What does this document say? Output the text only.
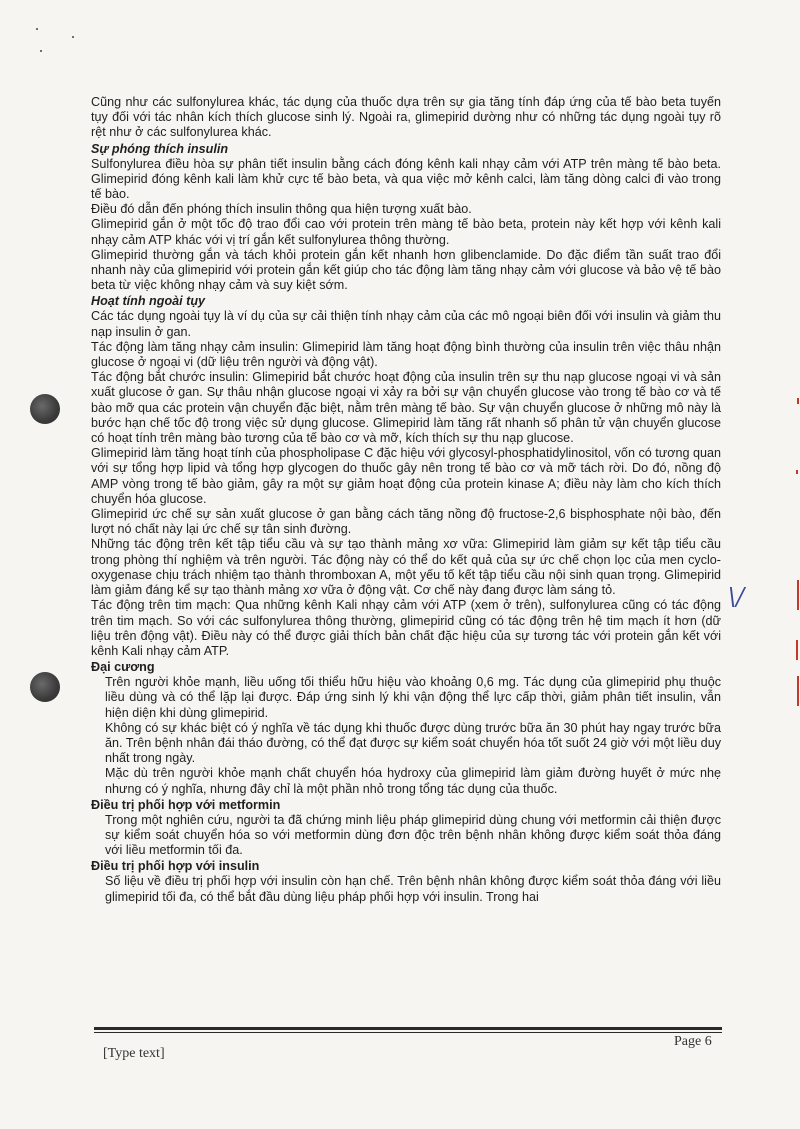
\/

Cũng như các sulfonylurea khác, tác dụng của thuốc dựa trên sự gia tăng tính đáp ứng của tế bào beta tuyến tụy đối với tác nhân kích thích glucose sinh lý. Ngoài ra, glimepirid dường như có những tác dụng ngoài tụy rõ rệt như ở các sulfonylurea khác.

Sự phóng thích insulin

Sulfonylurea điều hòa sự phân tiết insulin bằng cách đóng kênh kali nhạy cảm với ATP trên màng tế bào beta. Glimepirid đóng kênh kali làm khử cực tế bào beta, và qua việc mở kênh calci, làm tăng dòng calci đi vào trong tế bào.

Điều đó dẫn đến phóng thích insulin thông qua hiện tượng xuất bào.

Glimepirid gắn ở một tốc độ trao đổi cao với protein trên màng tế bào beta, protein này kết hợp với kênh kali nhạy cảm ATP khác với vị trí gắn kết sulfonylurea thông thường.

Glimepirid thường gắn và tách khỏi protein gắn kết nhanh hơn glibenclamide. Do đặc điểm tần suất trao đổi nhanh này của glimepirid với protein gắn kết giúp cho tác động làm tăng nhạy cảm với glucose và bảo vệ tế bào beta từ việc không nhạy cảm và suy kiệt sớm.

Hoạt tính ngoài tụy

Các tác dụng ngoài tụy là ví dụ của sự cải thiện tính nhạy cảm của các mô ngoại biên đối với insulin và giảm thu nạp insulin ở gan.

Tác động làm tăng nhạy cảm insulin: Glimepirid làm tăng hoạt động bình thường của insulin trên việc thâu nhận glucose ở ngoại vi (dữ liệu trên người và động vật).

Tác động bắt chước insulin: Glimepirid bắt chước hoạt động của insulin trên sự thu nạp glucose ngoại vi và sản xuất glucose ở gan. Sự thâu nhận glucose ngoại vi xảy ra bởi sự vận chuyển glucose vào trong tế bào cơ và tế bào mỡ qua các protein vận chuyển đặc biệt, nằm trên màng tế bào. Sự vận chuyển glucose ở những mô này là bước hạn chế tốc độ trong việc sử dụng glucose. Glimepirid làm tăng rất nhanh số phân tử vận chuyển glucose có hoạt tính trên màng bào tương của tế bào cơ và mỡ, kích thích sự thu nạp glucose.

Glimepirid làm tăng hoạt tính của phospholipase C đặc hiệu với glycosyl-phosphatidylinositol, vốn có tương quan với sự tổng hợp lipid và tổng hợp glycogen do thuốc gây nên trong tế bào cơ và mỡ tách rời. Do đó, nồng độ AMP vòng trong tế bào giảm, gây ra một sự giảm hoạt động của protein kinase A; điều này làm cho kích thích chuyển hóa glucose.

Glimepirid ức chế sự sản xuất glucose ở gan bằng cách tăng nồng độ fructose-2,6 bisphosphate nội bào, đến lượt nó chất này lại ức chế sự tân sinh đường.

Những tác động trên kết tập tiểu cầu và sự tạo thành mảng xơ vữa: Glimepirid làm giảm sự kết tập tiểu cầu trong phòng thí nghiệm và trên người. Tác động này có thể do kết quả của sự ức chế chọn lọc của men cyclo-oxygenase chịu trách nhiệm tạo thành thromboxan A, một yếu tố kết tập tiểu cầu nội sinh quan trọng. Glimepirid làm giảm đáng kể sự tạo thành mảng xơ vữa ở động vật. Cơ chế này đang được làm sáng tỏ.

Tác động trên tim mạch: Qua những kênh Kali nhạy cảm với ATP (xem ở trên), sulfonylurea cũng có tác động trên tim mạch. So với các sulfonylurea thông thường, glimepirid cũng có tác động trên hệ tim mạch ít hơn (dữ liệu trên động vật). Điều này có thể được giải thích bản chất đặc hiệu của sự tương tác với protein gắn kết với kênh Kali nhạy cảm ATP.

Đại cương

Trên người khỏe mạnh, liều uống tối thiểu hữu hiệu vào khoảng 0,6 mg. Tác dụng của glimepirid phụ thuộc liều dùng và có thể lặp lại được. Đáp ứng sinh lý khi vận động thể lực cấp thời, giảm phân tiết insulin, vẫn hiện diện khi dùng glimepirid.

Không có sự khác biệt có ý nghĩa về tác dụng khi thuốc được dùng trước bữa ăn 30 phút hay ngay trước bữa ăn. Trên bệnh nhân đái tháo đường, có thể đạt được sự kiểm soát chuyển hóa tốt suốt 24 giờ với một liều duy nhất trong ngày.

Mặc dù trên người khỏe mạnh chất chuyển hóa hydroxy của glimepirid làm giảm đường huyết ở mức nhẹ nhưng có ý nghĩa, nhưng đây chỉ là một phần nhỏ trong tổng tác dụng của thuốc.

Điều trị phối hợp với metformin

Trong một nghiên cứu, người ta đã chứng minh liệu pháp glimepirid dùng chung với metformin cải thiện được sự kiểm soát chuyển hóa so với metformin dùng đơn độc trên bệnh nhân không được kiểm soát thỏa đáng với liều metformin tối đa.

Điều trị phối hợp với insulin

Số liệu về điều trị phối hợp với insulin còn hạn chế. Trên bệnh nhân không được kiểm soát thỏa đáng với liều glimepirid tối đa, có thể bắt đầu dùng liệu pháp phối hợp với insulin. Trong hai

[Type text]
Page 6
